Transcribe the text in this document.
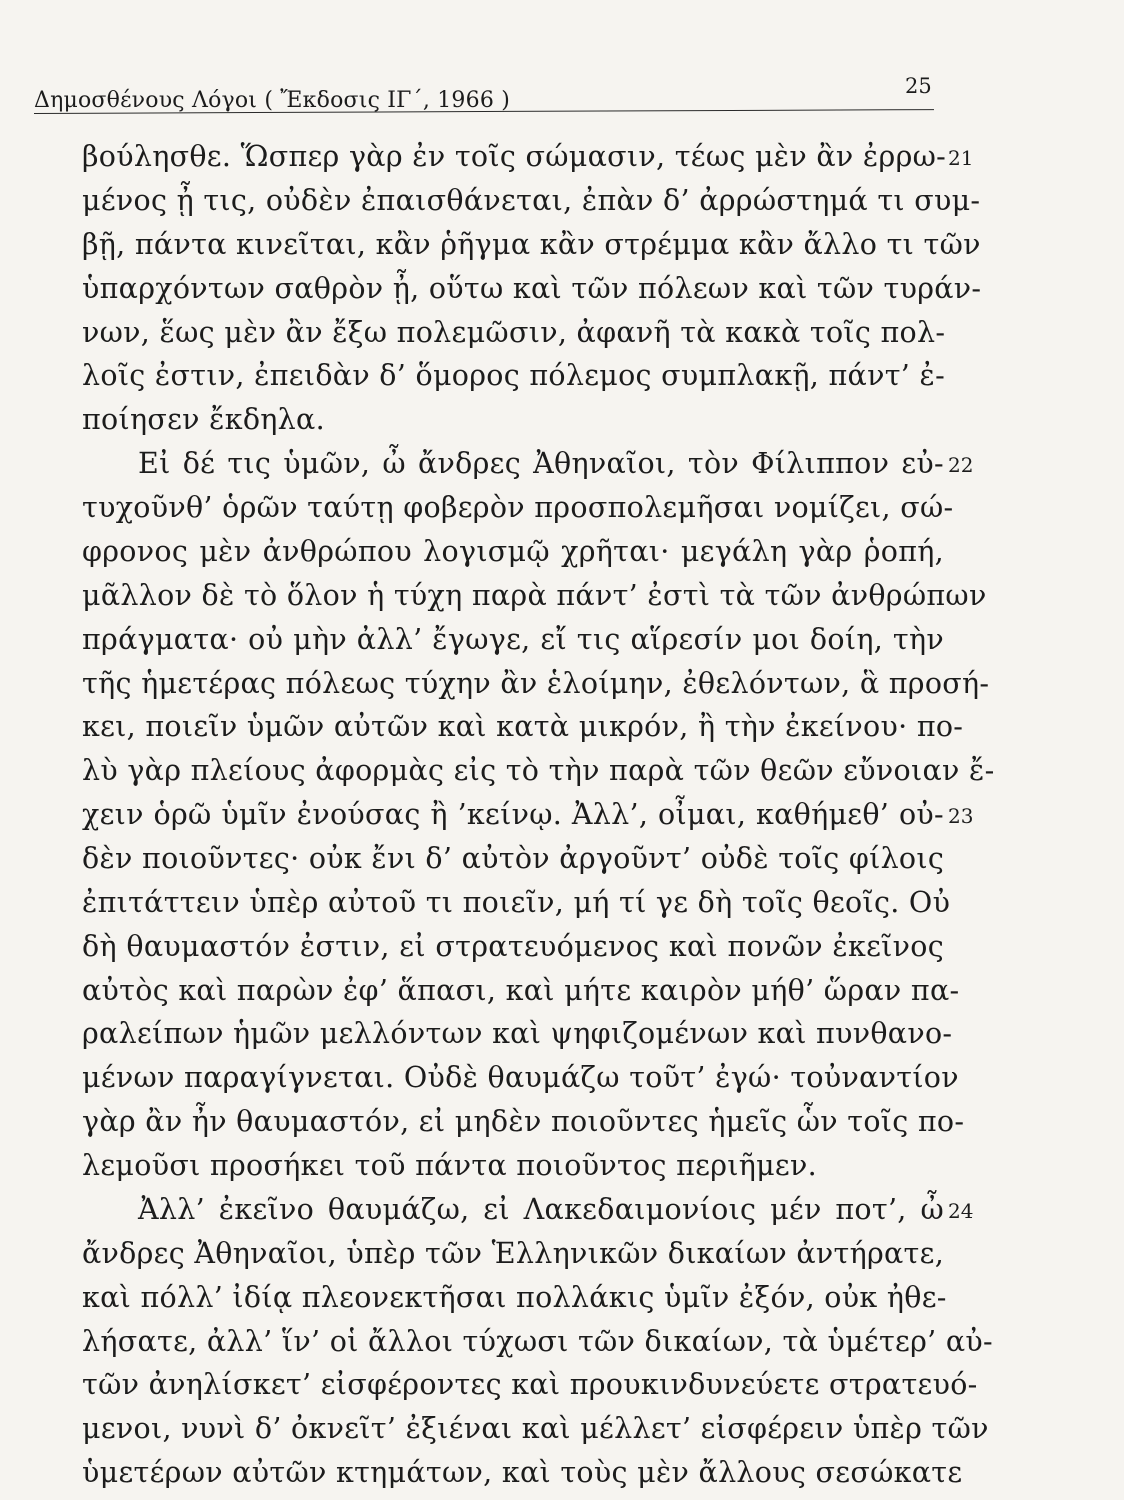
Δημοσθένους Λόγοι ( Ἔκδοσις ΙΓ΄, 1966 )
25
βούλησθε. Ὥσπερ γὰρ ἐν τοῖς σώμασιν, τέως μὲν ἂν ἐρρω-
μένος ᾖ τις, οὐδὲν ἐπαισθάνεται, ἐπὰν δ’ ἀρρώστημά τι συμ-
βῇ, πάντα κινεῖται, κἂν ῥῆγμα κἂν στρέμμα κἂν ἄλλο τι τῶν
ὑπαρχόντων σαθρὸν ᾖ, οὕτω καὶ τῶν πόλεων καὶ τῶν τυράν-
νων, ἕως μὲν ἂν ἔξω πολεμῶσιν, ἀφανῆ τὰ κακὰ τοῖς πολ-
λοῖς ἐστιν, ἐπειδὰν δ’ ὅμορος πόλεμος συμπλακῇ, πάντ’ ἐ-
ποίησεν ἔκδηλα.
Εἰ δέ τις ὑμῶν, ὦ ἄνδρες Ἀθηναῖοι, τὸν Φίλιππον εὐ-
τυχοῦνθ’ ὁρῶν ταύτῃ φοβερὸν προσπολεμῆσαι νομίζει, σώ-
φρονος μὲν ἀνθρώπου λογισμῷ χρῆται· μεγάλη γὰρ ῥοπή,
μᾶλλον δὲ τὸ ὅλον ἡ τύχη παρὰ πάντ’ ἐστὶ τὰ τῶν ἀνθρώπων
πράγματα· οὐ μὴν ἀλλ’ ἔγωγε, εἴ τις αἵρεσίν μοι δοίη, τὴν
τῆς ἡμετέρας πόλεως τύχην ἂν ἑλοίμην, ἐθελόντων, ἃ προσή-
κει, ποιεῖν ὑμῶν αὐτῶν καὶ κατὰ μικρόν, ἢ τὴν ἐκείνου· πο-
λὺ γὰρ πλείους ἀφορμὰς εἰς τὸ τὴν παρὰ τῶν θεῶν εὔνοιαν ἔ-
χειν ὁρῶ ὑμῖν ἐνούσας ἢ ’κείνῳ. Ἀλλ’, οἶμαι, καθήμεθ’ οὐ-
δὲν ποιοῦντες· οὐκ ἔνι δ’ αὐτὸν ἀργοῦντ’ οὐδὲ τοῖς φίλοις
ἐπιτάττειν ὑπὲρ αὐτοῦ τι ποιεῖν, μή τί γε δὴ τοῖς θεοῖς. Οὐ
δὴ θαυμαστόν ἐστιν, εἰ στρατευόμενος καὶ πονῶν ἐκεῖνος
αὐτὸς καὶ παρὼν ἐφ’ ἅπασι, καὶ μήτε καιρὸν μήθ’ ὥραν πα-
ραλείπων ἡμῶν μελλόντων καὶ ψηφιζομένων καὶ πυνθανο-
μένων παραγίγνεται. Οὐδὲ θαυμάζω τοῦτ’ ἐγώ· τοὐναντίον
γὰρ ἂν ἦν θαυμαστόν, εἰ μηδὲν ποιοῦντες ἡμεῖς ὧν τοῖς πο-
λεμοῦσι προσήκει τοῦ πάντα ποιοῦντος περιῆμεν.
Ἀλλ’ ἐκεῖνο θαυμάζω, εἰ Λακεδαιμονίοις μέν ποτ’, ὦ
ἄνδρες Ἀθηναῖοι, ὑπὲρ τῶν Ἑλληνικῶν δικαίων ἀντήρατε,
καὶ πόλλ’ ἰδίᾳ πλεονεκτῆσαι πολλάκις ὑμῖν ἐξόν, οὐκ ἠθε-
λήσατε, ἀλλ’ ἵν’ οἱ ἄλλοι τύχωσι τῶν δικαίων, τὰ ὑμέτερ’ αὐ-
τῶν ἀνηλίσκετ’ εἰσφέροντες καὶ προυκινδυνεύετε στρατευό-
μενοι, νυνὶ δ’ ὀκνεῖτ’ ἐξιέναι καὶ μέλλετ’ εἰσφέρειν ὑπὲρ τῶν
ὑμετέρων αὐτῶν κτημάτων, καὶ τοὺς μὲν ἄλλους σεσώκατε
21
22
23
24
